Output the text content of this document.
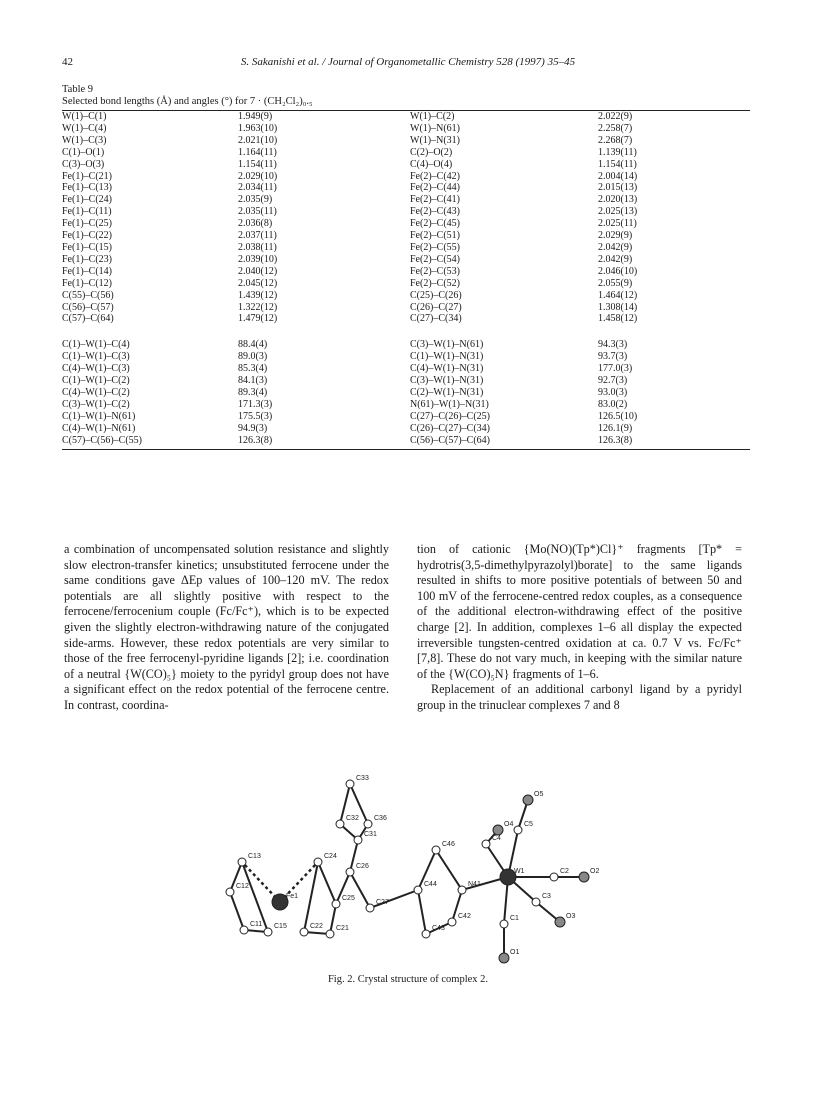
42	S. Sakanishi et al. / Journal of Organometallic Chemistry 528 (1997) 35–45
Table 9
Selected bond lengths (Å) and angles (°) for 7 · (CH₂Cl₂)₀.₅
W(1)–C(1)	1.949(9)	W(1)–C(2)	2.022(9)
W(1)–C(4)	1.963(10)	W(1)–N(61)	2.258(7)
W(1)–C(3)	2.021(10)	W(1)–N(31)	2.268(7)
C(1)–O(1)	1.164(11)	C(2)–O(2)	1.139(11)
C(3)–O(3)	1.154(11)	C(4)–O(4)	1.154(11)
Fe(1)–C(21)	2.029(10)	Fe(2)–C(42)	2.004(14)
Fe(1)–C(13)	2.034(11)	Fe(2)–C(44)	2.015(13)
Fe(1)–C(24)	2.035(9)	Fe(2)–C(41)	2.020(13)
Fe(1)–C(11)	2.035(11)	Fe(2)–C(43)	2.025(13)
Fe(1)–C(25)	2.036(8)	Fe(2)–C(45)	2.025(11)
Fe(1)–C(22)	2.037(11)	Fe(2)–C(51)	2.029(9)
Fe(1)–C(15)	2.038(11)	Fe(2)–C(55)	2.042(9)
Fe(1)–C(23)	2.039(10)	Fe(2)–C(54)	2.042(9)
Fe(1)–C(14)	2.040(12)	Fe(2)–C(53)	2.046(10)
Fe(1)–C(12)	2.045(12)	Fe(2)–C(52)	2.055(9)
C(55)–C(56)	1.439(12)	C(25)–C(26)	1.464(12)
C(56)–C(57)	1.322(12)	C(26)–C(27)	1.308(14)
C(57)–C(64)	1.479(12)	C(27)–C(34)	1.458(12)
C(1)–W(1)–C(4)	88.4(4)	C(3)–W(1)–N(61)	94.3(3)
C(1)–W(1)–C(3)	89.0(3)	C(1)–W(1)–N(31)	93.7(3)
C(4)–W(1)–C(3)	85.3(4)	C(4)–W(1)–N(31)	177.0(3)
C(1)–W(1)–C(2)	84.1(3)	C(3)–W(1)–N(31)	92.7(3)
C(4)–W(1)–C(2)	89.3(4)	C(2)–W(1)–N(31)	93.0(3)
C(3)–W(1)–C(2)	171.3(3)	N(61)–W(1)–N(31)	83.0(2)
C(1)–W(1)–N(61)	175.5(3)	C(27)–C(26)–C(25)	126.5(10)
C(4)–W(1)–N(61)	94.9(3)	C(26)–C(27)–C(34)	126.1(9)
C(57)–C(56)–C(55)	126.3(8)	C(56)–C(57)–C(64)	126.3(8)

a combination of uncompensated solution resistance and slightly slow electron-transfer kinetics; unsubstituted ferrocene under the same conditions gave ΔEp values of 100–120 mV. The redox potentials are all slightly positive with respect to the ferrocene/ferrocenium couple (Fc/Fc⁺), which is to be expected given the slightly electron-withdrawing nature of the conjugated side-arms. However, these redox potentials are very similar to those of the free ferrocenyl-pyridine ligands [2]; i.e. coordination of a neutral {W(CO)₅} moiety to the pyridyl group does not have a significant effect on the redox potential of the ferrocene centre. In contrast, coordina-

tion of cationic {Mo(NO)(Tp*)Cl}⁺ fragments [Tp* = hydrotris(3,5-dimethylpyrazolyl)borate] to the same ligands resulted in shifts to more positive potentials of between 50 and 100 mV of the ferrocene-centred redox couples, as a consequence of the additional electron-withdrawing effect of the positive charge [2]. In addition, complexes 1–6 all display the expected irreversible tungsten-centred oxidation at ca. 0.7 V vs. Fc/Fc⁺ [7,8]. These do not vary much, in keeping with the similar nature of the {W(CO)₅N} fragments of 1–6.

Replacement of an additional carbonyl ligand by a pyridyl group in the trinuclear complexes 7 and 8

C33
C32 C36
C31
O5
O4 C5
C46
C4
C13	C24
C26
W1
C44	N41
C2	O2
C12
Fe1	C25
C27
C3
O3
C42
C43
C1
C11 C15	C22 C21
O1
Fig. 2. Crystal structure of complex 2.
